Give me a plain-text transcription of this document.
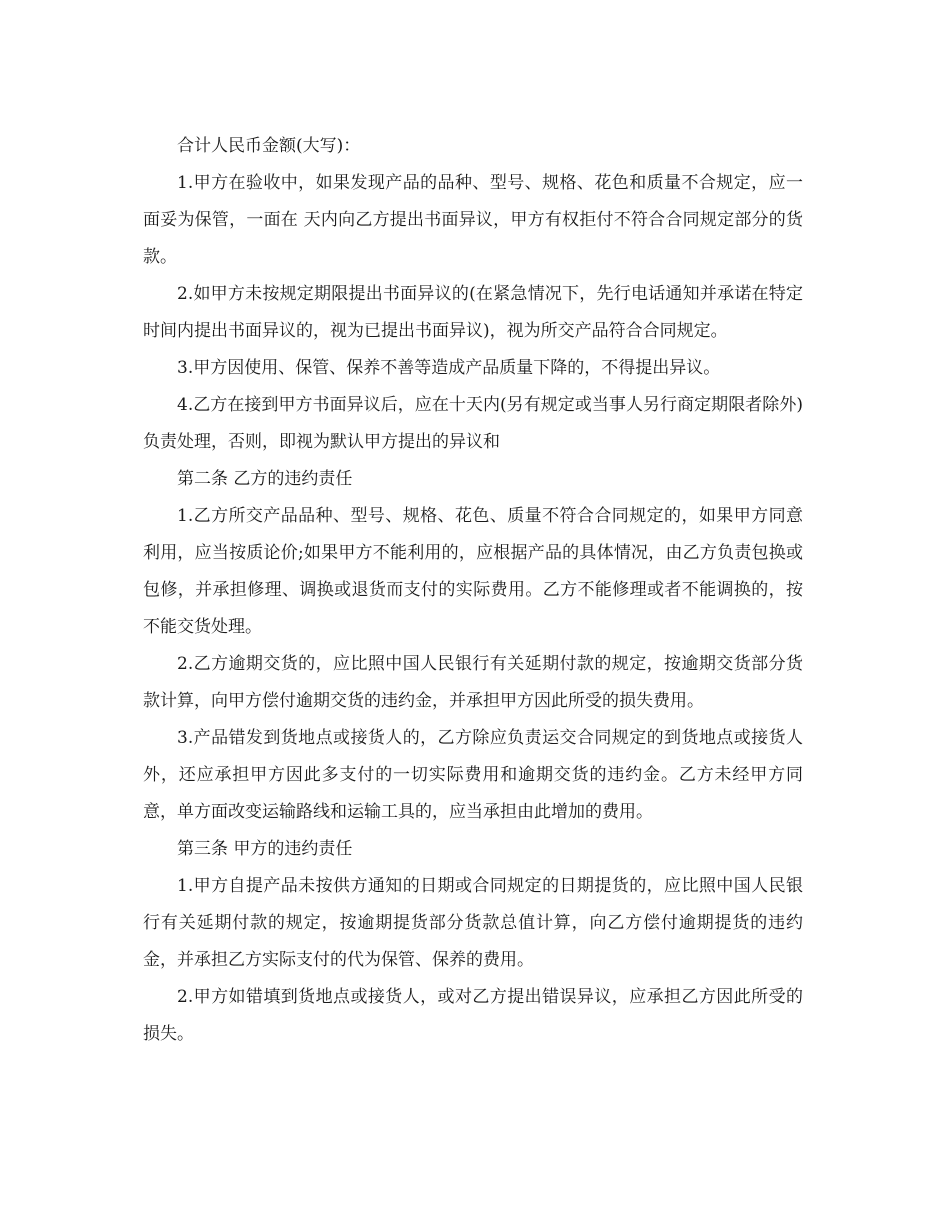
合计人民币金额(大写)：

1.甲方在验收中，如果发现产品的品种、型号、规格、花色和质量不合规定，应一面妥为保管，一面在 天内向乙方提出书面异议，甲方有权拒付不符合合同规定部分的货款。

2.如甲方未按规定期限提出书面异议的(在紧急情况下，先行电话通知并承诺在特定时间内提出书面异议的，视为已提出书面异议)，视为所交产品符合合同规定。

3.甲方因使用、保管、保养不善等造成产品质量下降的，不得提出异议。

4.乙方在接到甲方书面异议后，应在十天内(另有规定或当事人另行商定期限者除外)负责处理，否则，即视为默认甲方提出的异议和

第二条 乙方的违约责任

1.乙方所交产品品种、型号、规格、花色、质量不符合合同规定的，如果甲方同意利用，应当按质论价;如果甲方不能利用的，应根据产品的具体情况，由乙方负责包换或包修，并承担修理、调换或退货而支付的实际费用。乙方不能修理或者不能调换的，按不能交货处理。

2.乙方逾期交货的，应比照中国人民银行有关延期付款的规定，按逾期交货部分货款计算，向甲方偿付逾期交货的违约金，并承担甲方因此所受的损失费用。

3.产品错发到货地点或接货人的，乙方除应负责运交合同规定的到货地点或接货人外，还应承担甲方因此多支付的一切实际费用和逾期交货的违约金。乙方未经甲方同意，单方面改变运输路线和运输工具的，应当承担由此增加的费用。

第三条 甲方的违约责任

1.甲方自提产品未按供方通知的日期或合同规定的日期提货的，应比照中国人民银行有关延期付款的规定，按逾期提货部分货款总值计算，向乙方偿付逾期提货的违约金，并承担乙方实际支付的代为保管、保养的费用。

2.甲方如错填到货地点或接货人，或对乙方提出错误异议，应承担乙方因此所受的损失。
